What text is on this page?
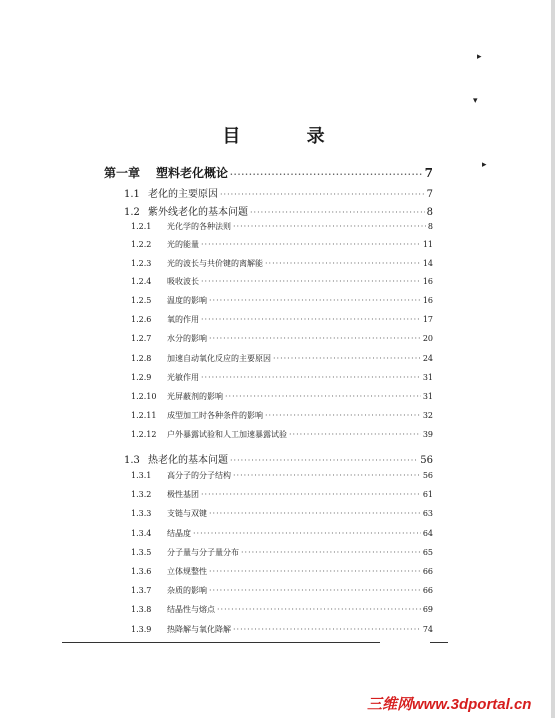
▸
▾
▸
目 录
第一章	塑料老化概论 ·····	7
1.1 老化的主要原因 ·····	7
1.2 紫外线老化的基本问题 ·····	8
1.2.1	光化学的各种法则 ·····	8
1.2.2	光的能量 ·····	11
1.2.3	光的波长与共价键的离解能 ·····	14
1.2.4	吸收波长 ·····	16
1.2.5	温度的影响 ·····	16
1.2.6	氧的作用 ·····	17
1.2.7	水分的影响 ·····	20
1.2.8	加速自动氧化反应的主要原因 ·····	24
1.2.9	光敏作用 ·····	31
1.2.10	光屏蔽剂的影响 ·····	31
1.2.11	成型加工时各种条件的影响 ·····	32
1.2.12	户外暴露试验和人工加速暴露试验 ·····	39
1.3 热老化的基本问题 ·····	56
1.3.1	高分子的分子结构 ·····	56
1.3.2	极性基团 ·····	61
1.3.3	支链与双键 ·····	63
1.3.4	结晶度 ·····	64
1.3.5	分子量与分子量分布 ·····	65
1.3.6	立体规整性 ·····	66
1.3.7	杂质的影响 ·····	66
1.3.8	结晶性与熔点 ·····	69
1.3.9	热降解与氧化降解 ·····	74
三维网www.3dportal.cn
